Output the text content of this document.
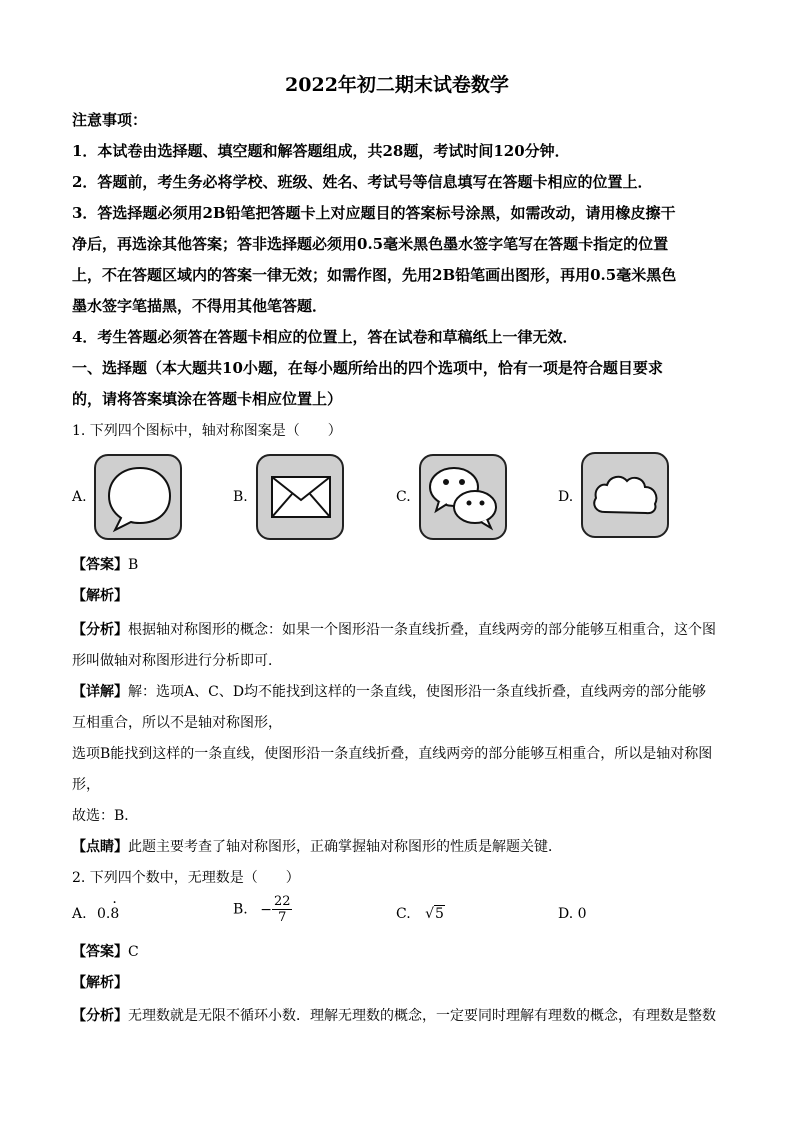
2022年初二期末试卷数学
注意事项：
1．本试卷由选择题、填空题和解答题组成，共28题，考试时间120分钟．
2．答题前，考生务必将学校、班级、姓名、考试号等信息填写在答题卡相应的位置上．
3．答选择题必须用2B铅笔把答题卡上对应题目的答案标号涂黑，如需改动，请用橡皮擦干
净后，再选涂其他答案；答非选择题必须用0.5毫米黑色墨水签字笔写在答题卡指定的位置
上，不在答题区域内的答案一律无效；如需作图，先用2B铅笔画出图形，再用0.5毫米黑色
墨水签字笔描黑，不得用其他笔答题．
4．考生答题必须答在答题卡相应的位置上，答在试卷和草稿纸上一律无效．
一、选择题（本大题共10小题，在每小题所给出的四个选项中，恰有一项是符合题目要求
的，请将答案填涂在答题卡相应位置上）
1. 下列四个图标中，轴对称图案是（　　）
A.	B.	C.	D.
【答案】B
【解析】
【分析】根据轴对称图形的概念：如果一个图形沿一条直线折叠，直线两旁的部分能够互相重合，这个图
形叫做轴对称图形进行分析即可．
【详解】解：选项A、C、D均不能找到这样的一条直线，使图形沿一条直线折叠，直线两旁的部分能够
互相重合，所以不是轴对称图形，
选项B能找到这样的一条直线，使图形沿一条直线折叠，直线两旁的部分能够互相重合，所以是轴对称图
形，
故选：B．
【点睛】此题主要考查了轴对称图形，正确掌握轴对称图形的性质是解题关键．
2. 下列四个数中，无理数是（　　）
A. 0.· 8	B. − $\frac{22}{7}$	C. √5	D. 0
【答案】C
【解析】
【分析】无理数就是无限不循环小数．理解无理数的概念，一定要同时理解有理数的概念，有理数是整数
